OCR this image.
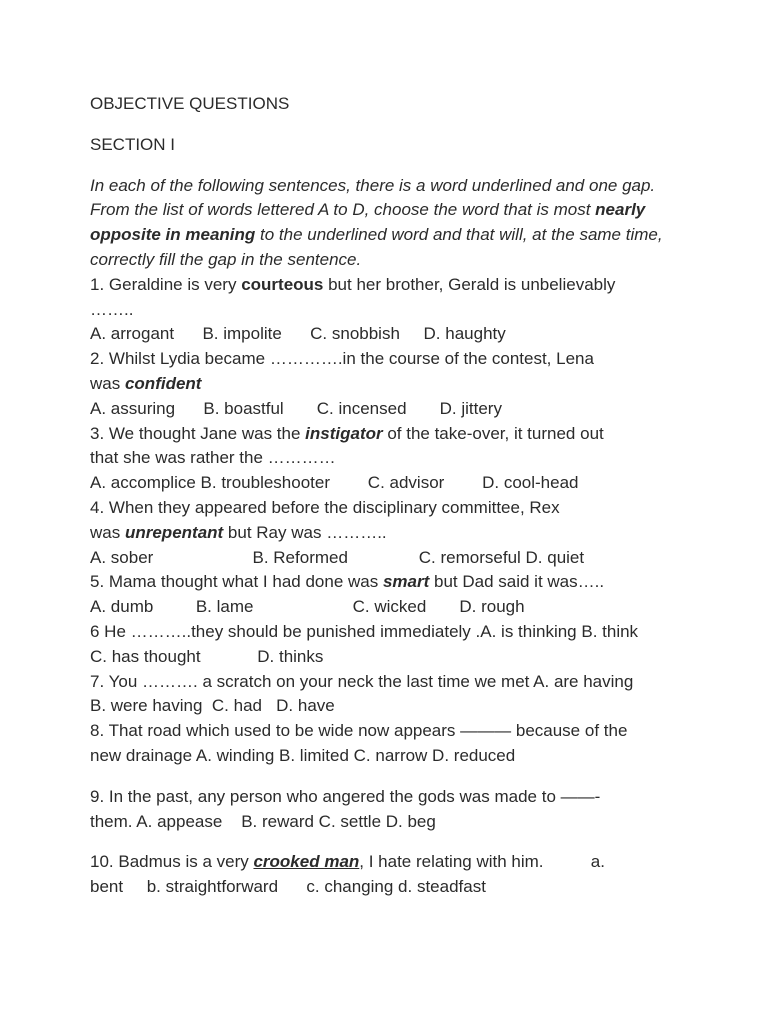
OBJECTIVE QUESTIONS
SECTION I

In each of the following sentences, there is a word underlined and one gap. From the list of words lettered A to D, choose the word that is most nearly opposite in meaning to the underlined word and that will, at the same time, correctly fill the gap in the sentence.

1. Geraldine is very courteous but her brother, Gerald is unbelievably
……..
A. arrogant      B. impolite      C. snobbish     D. haughty
2. Whilst Lydia became ………….in the course of the contest, Lena
was confident
A. assuring      B. boastful       C. incensed       D. jittery
3. We thought Jane was the instigator of the take-over, it turned out
that she was rather the …………
A. accomplice B. troubleshooter        C. advisor        D. cool-head
4. When they appeared before the disciplinary committee, Rex
was unrepentant but Ray was ………..
A. sober                     B. Reformed               C. remorseful D. quiet
5. Mama thought what I had done was smart but Dad said it was…..
A. dumb         B. lame                     C. wicked       D. rough
6 He ………..they should be punished immediately .A. is thinking B. think
C. has thought            D. thinks
7. You ………. a scratch on your neck the last time we met A. are having
B. were having  C. had   D. have
8. That road which used to be wide now appears ——— because of the
new drainage A. winding B. limited C. narrow D. reduced
9. In the past, any person who angered the gods was made to ——-
them. A. appease    B. reward C. settle D. beg
10. Badmus is a very crooked man, I hate relating with him.          a.
bent     b. straightforward      c. changing d. steadfast
